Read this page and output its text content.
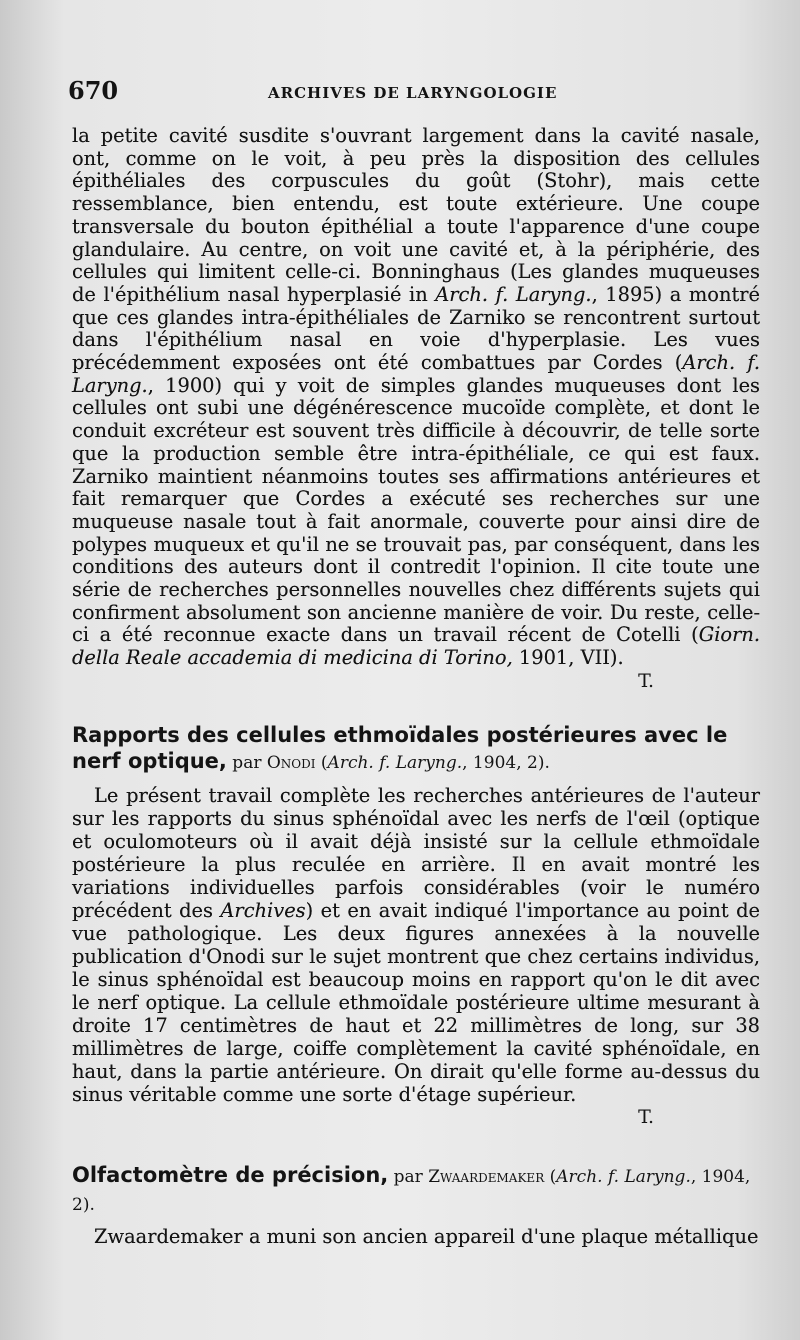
670	ARCHIVES DE LARYNGOLOGIE

la petite cavité susdite s'ouvrant largement dans la cavité nasale, ont, comme on le voit, à peu près la disposition des cellules épithéliales des corpuscules du goût (Stohr), mais cette ressemblance, bien entendu, est toute extérieure. Une coupe transversale du bouton épithélial a toute l'apparence d'une coupe glandulaire. Au centre, on voit une cavité et, à la périphérie, des cellules qui limitent celle-ci. Bonninghaus (Les glandes muqueuses de l'épithélium nasal hyperplasié in Arch. f. Laryng., 1895) a montré que ces glandes intra-épithéliales de Zarniko se rencontrent surtout dans l'épithélium nasal en voie d'hyperplasie. Les vues précédemment exposées ont été combattues par Cordes (Arch. f. Laryng., 1900) qui y voit de simples glandes muqueuses dont les cellules ont subi une dégénérescence mucoïde complète, et dont le conduit excréteur est souvent très difficile à découvrir, de telle sorte que la production semble être intra-épithéliale, ce qui est faux. Zarniko maintient néanmoins toutes ses affirmations antérieures et fait remarquer que Cordes a exécuté ses recherches sur une muqueuse nasale tout à fait anormale, couverte pour ainsi dire de polypes muqueux et qu'il ne se trouvait pas, par conséquent, dans les conditions des auteurs dont il contredit l'opinion. Il cite toute une série de recherches personnelles nouvelles chez différents sujets qui confirment absolument son ancienne manière de voir. Du reste, celle-ci a été reconnue exacte dans un travail récent de Cotelli (Giorn. della Reale accademia di medicina di Torino, 1901, VII).

T.

Rapports des cellules ethmoïdales postérieures avec le nerf optique, par Onodi (Arch. f. Laryng., 1904, 2).

Le présent travail complète les recherches antérieures de l'auteur sur les rapports du sinus sphénoïdal avec les nerfs de l'œil (optique et oculomoteurs où il avait déjà insisté sur la cellule ethmoïdale postérieure la plus reculée en arrière. Il en avait montré les variations individuelles parfois considérables (voir le numéro précédent des Archives) et en avait indiqué l'importance au point de vue pathologique. Les deux figures annexées à la nouvelle publication d'Onodi sur le sujet montrent que chez certains individus, le sinus sphénoïdal est beaucoup moins en rapport qu'on le dit avec le nerf optique. La cellule ethmoïdale postérieure ultime mesurant à droite 17 centimètres de haut et 22 millimètres de long, sur 38 millimètres de large, coiffe complètement la cavité sphénoïdale, en haut, dans la partie antérieure. On dirait qu'elle forme au-dessus du sinus véritable comme une sorte d'étage supérieur.

T.

Olfactomètre de précision, par Zwaardemaker (Arch. f. Laryng., 1904, 2).

Zwaardemaker a muni son ancien appareil d'une plaque métallique
